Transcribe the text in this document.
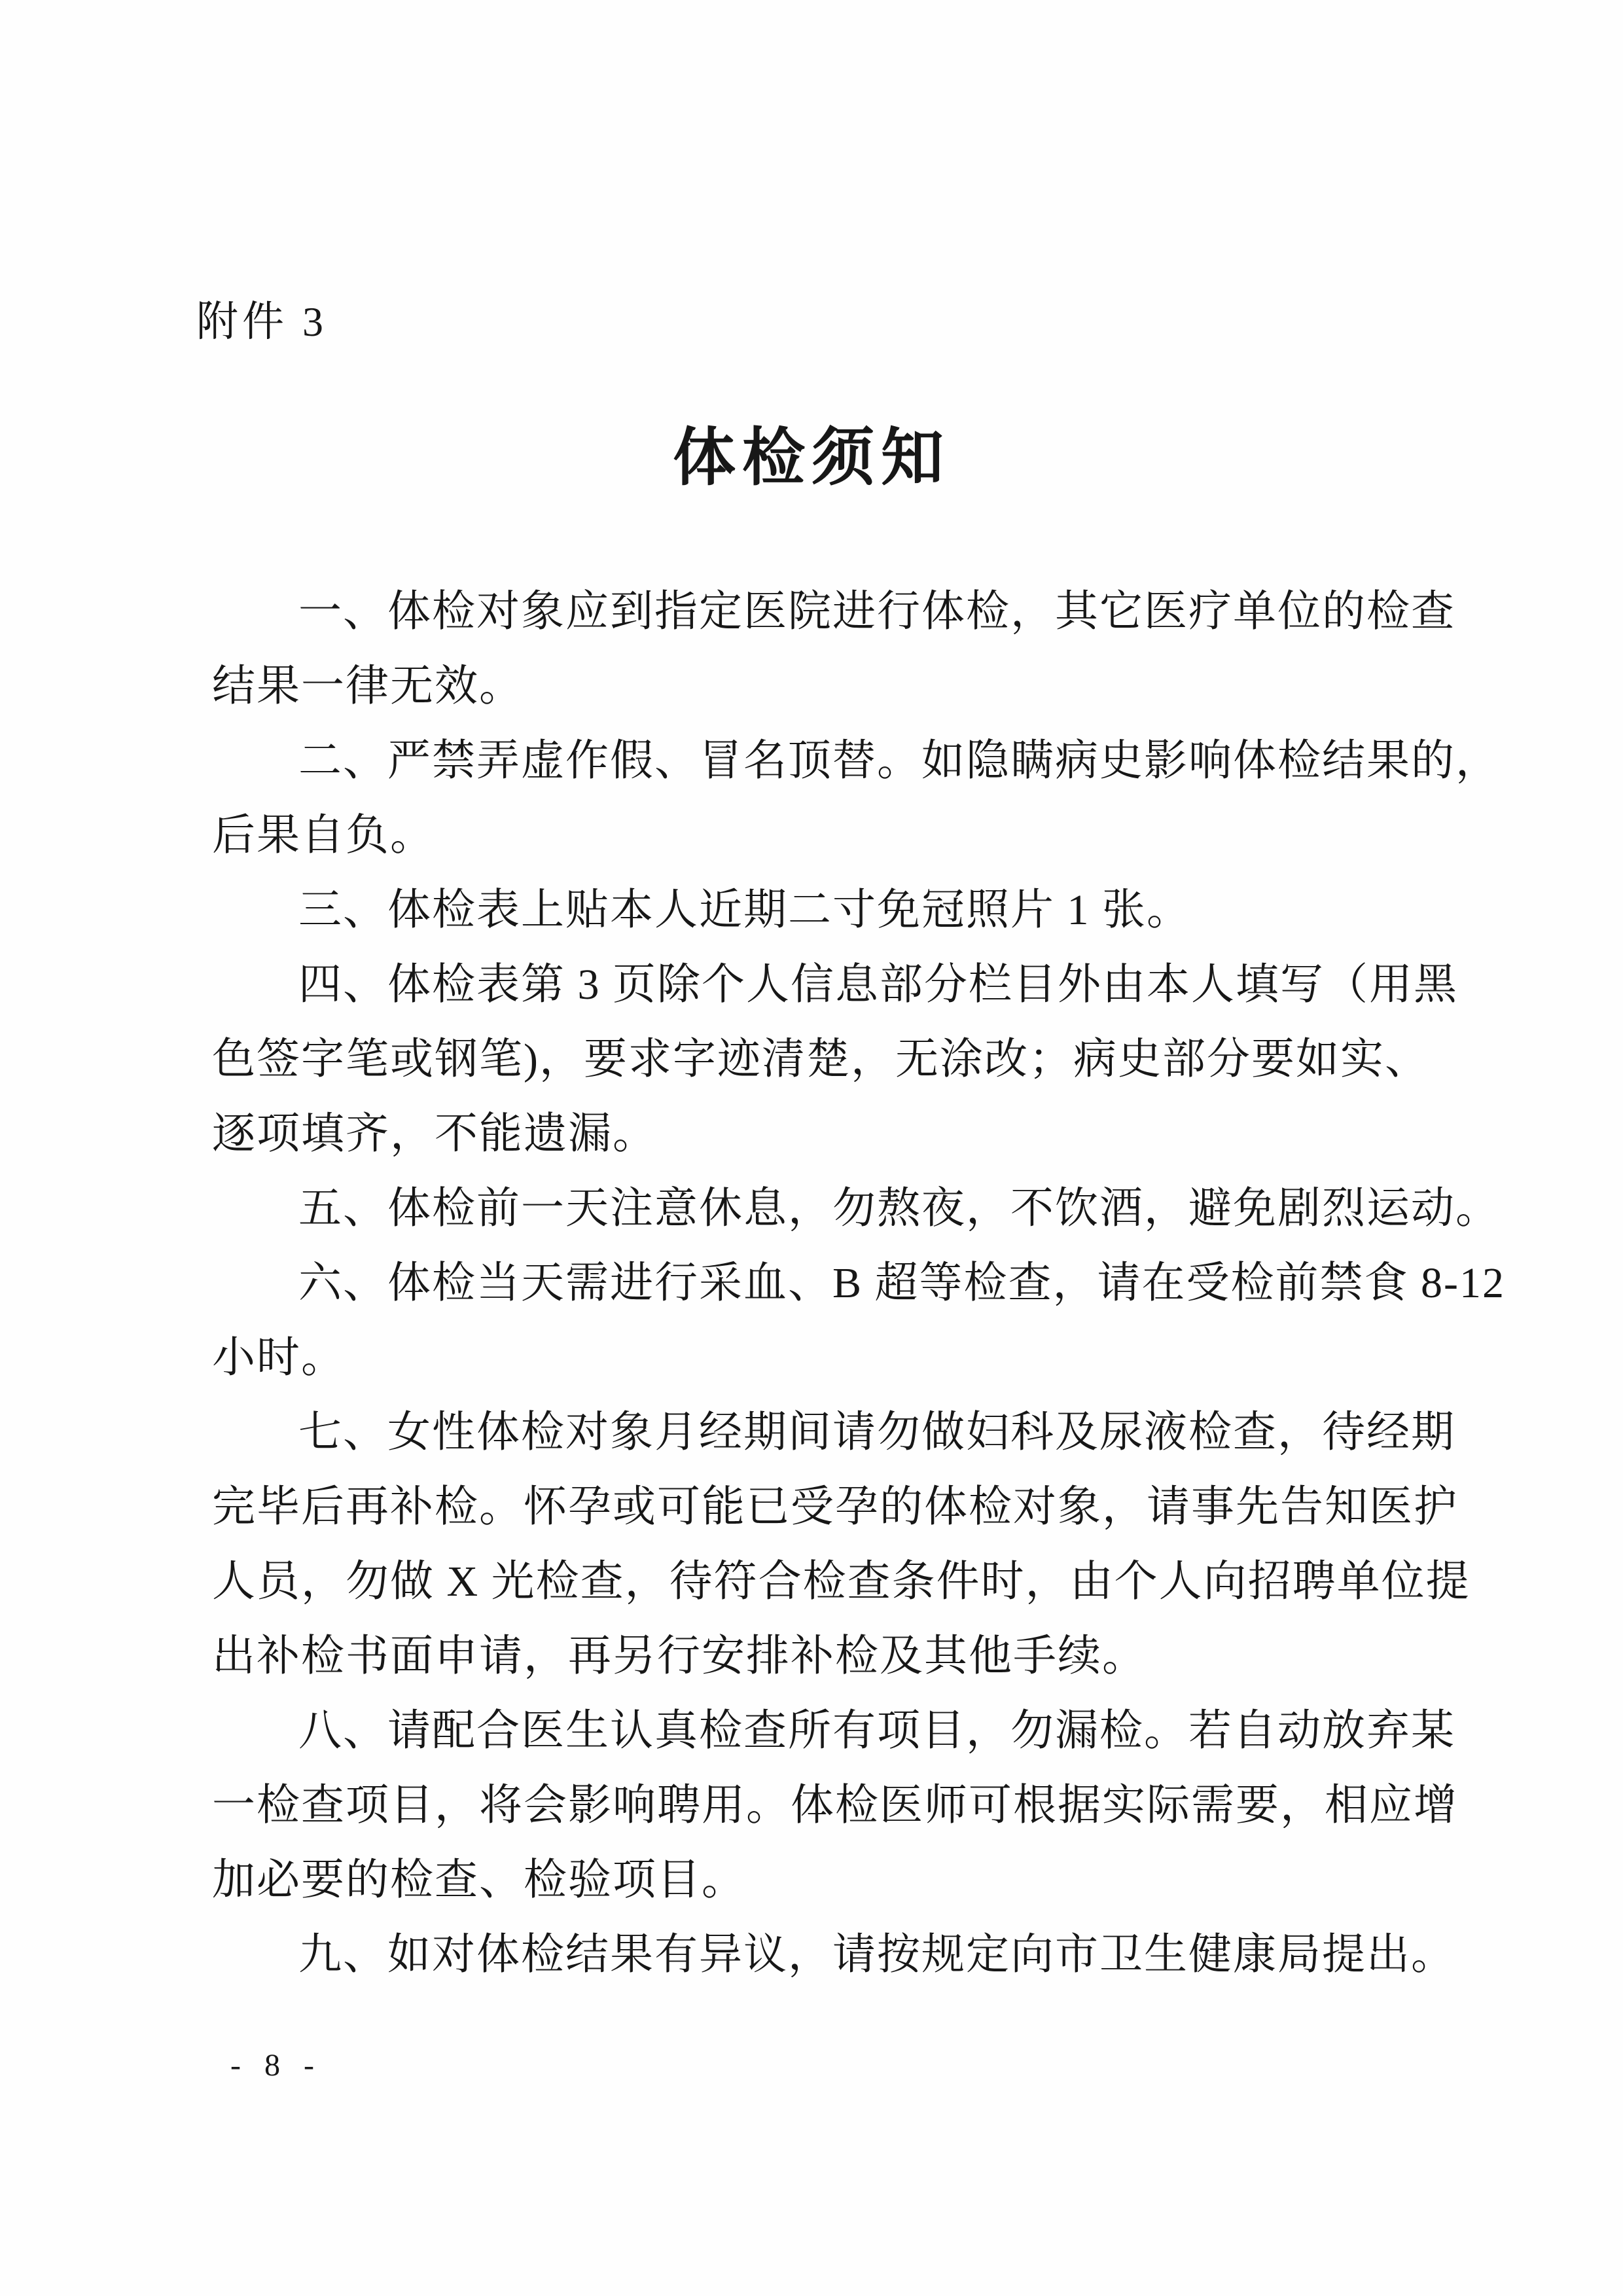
附件 3
体检须知
一、体检对象应到指定医院进行体检，其它医疗单位的检查
结果一律无效。
二、严禁弄虚作假、冒名顶替。如隐瞒病史影响体检结果的，
后果自负。
三、体检表上贴本人近期二寸免冠照片 1 张。
四、体检表第 3 页除个人信息部分栏目外由本人填写（用黑
色签字笔或钢笔)，要求字迹清楚，无涂改；病史部分要如实、
逐项填齐，不能遗漏。
五、体检前一天注意休息，勿熬夜，不饮酒，避免剧烈运动。
六、体检当天需进行采血、B 超等检查，请在受检前禁食 8-12
小时。
七、女性体检对象月经期间请勿做妇科及尿液检查，待经期
完毕后再补检。怀孕或可能已受孕的体检对象，请事先告知医护
人员，勿做 X 光检查，待符合检查条件时，由个人向招聘单位提
出补检书面申请，再另行安排补检及其他手续。
八、请配合医生认真检查所有项目，勿漏检。若自动放弃某
一检查项目，将会影响聘用。体检医师可根据实际需要，相应增
加必要的检查、检验项目。
九、如对体检结果有异议，请按规定向市卫生健康局提出。
- 8 -
